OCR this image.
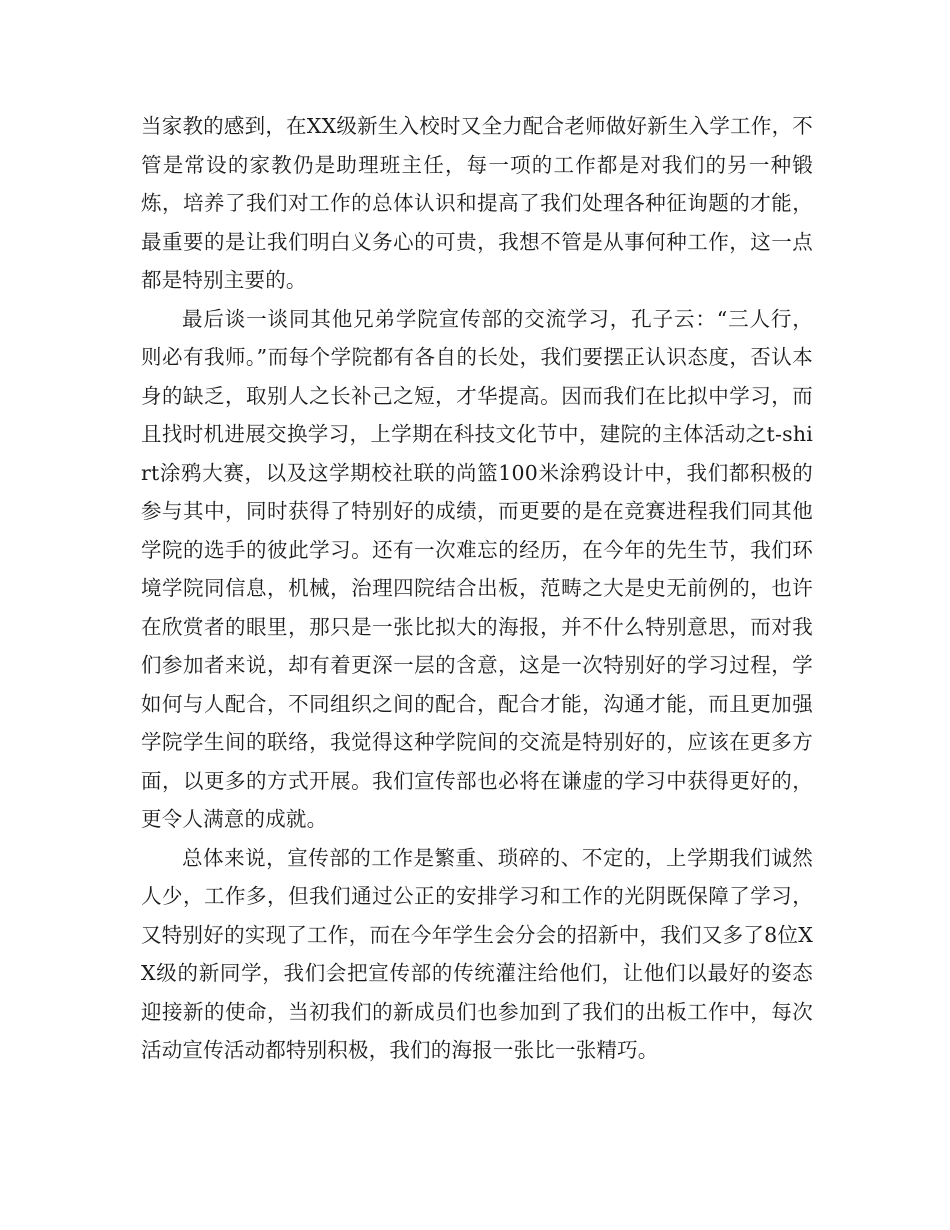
当家教的感到，在XX级新生入校时又全力配合老师做好新生入学工作，不管是常设的家教仍是助理班主任，每一项的工作都是对我们的另一种锻炼，培养了我们对工作的总体认识和提高了我们处理各种征询题的才能，最重要的是让我们明白义务心的可贵，我想不管是从事何种工作，这一点都是特别主要的。

最后谈一谈同其他兄弟学院宣传部的交流学习，孔子云：“三人行，则必有我师。”而每个学院都有各自的长处，我们要摆正认识态度，否认本身的缺乏，取别人之长补己之短，才华提高。因而我们在比拟中学习，而且找时机进展交换学习，上学期在科技文化节中，建院的主体活动之t-shirt涂鸦大赛，以及这学期校社联的尚篮100米涂鸦设计中，我们都积极的参与其中，同时获得了特别好的成绩，而更要的是在竞赛进程我们同其他学院的选手的彼此学习。还有一次难忘的经历，在今年的先生节，我们环境学院同信息，机械，治理四院结合出板，范畴之大是史无前例的，也许在欣赏者的眼里，那只是一张比拟大的海报，并不什么特别意思，而对我们参加者来说，却有着更深一层的含意，这是一次特别好的学习过程，学如何与人配合，不同组织之间的配合，配合才能，沟通才能，而且更加强学院学生间的联络，我觉得这种学院间的交流是特别好的，应该在更多方面，以更多的方式开展。我们宣传部也必将在谦虚的学习中获得更好的，更令人满意的成就。

总体来说，宣传部的工作是繁重、琐碎的、不定的，上学期我们诚然人少，工作多，但我们通过公正的安排学习和工作的光阴既保障了学习，又特别好的实现了工作，而在今年学生会分会的招新中，我们又多了8位XX级的新同学，我们会把宣传部的传统灌注给他们，让他们以最好的姿态迎接新的使命，当初我们的新成员们也参加到了我们的出板工作中，每次活动宣传活动都特别积极，我们的海报一张比一张精巧。
